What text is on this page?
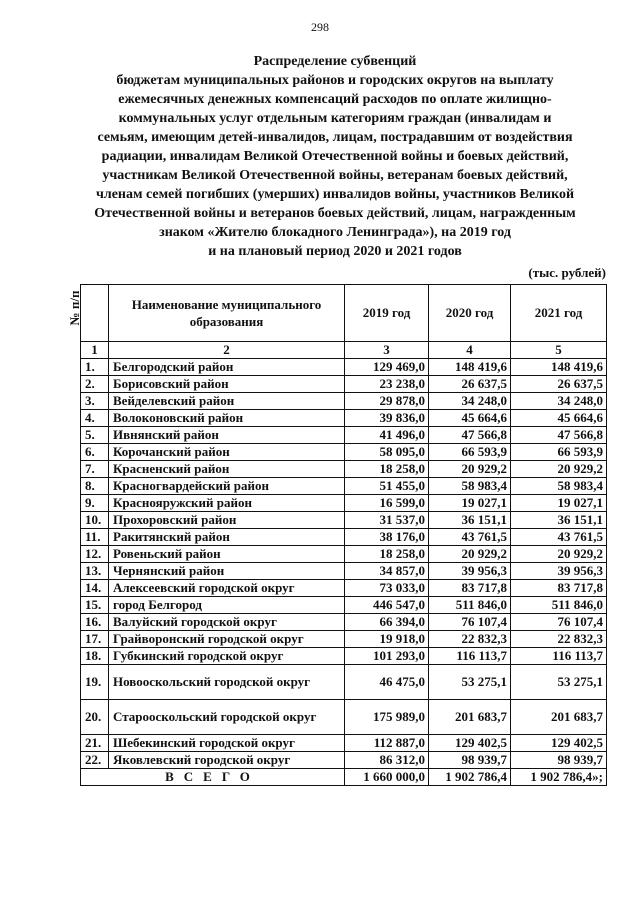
298
Распределение субвенций
бюджетам муниципальных районов и городских округов на выплату
ежемесячных денежных компенсаций расходов по оплате жилищно-
коммунальных услуг отдельным категориям граждан (инвалидам и
семьям, имеющим детей-инвалидов, лицам, пострадавшим от воздействия
радиации, инвалидам Великой Отечественной войны и боевых действий,
участникам Великой Отечественной войны, ветеранам боевых действий,
членам семей погибших (умерших) инвалидов войны, участников Великой
Отечественной войны и ветеранов боевых действий, лицам, награжденным
знаком «Жителю блокадного Ленинграда»), на 2019 год
и на плановый период 2020 и 2021 годов
(тыс. рублей)
№ п/п	Наименование муниципального образования	2019 год	2020 год	2021 год
1	2	3	4	5
1.	Белгородский район	129 469,0	148 419,6	148 419,6
2.	Борисовский район	23 238,0	26 637,5	26 637,5
3.	Вейделевский район	29 878,0	34 248,0	34 248,0
4.	Волоконовский район	39 836,0	45 664,6	45 664,6
5.	Ивнянский район	41 496,0	47 566,8	47 566,8
6.	Корочанский район	58 095,0	66 593,9	66 593,9
7.	Красненский район	18 258,0	20 929,2	20 929,2
8.	Красногвардейский район	51 455,0	58 983,4	58 983,4
9.	Краснояружский район	16 599,0	19 027,1	19 027,1
10.	Прохоровский район	31 537,0	36 151,1	36 151,1
11.	Ракитянский район	38 176,0	43 761,5	43 761,5
12.	Ровеньский район	18 258,0	20 929,2	20 929,2
13.	Чернянский район	34 857,0	39 956,3	39 956,3
14.	Алексеевский городской округ	73 033,0	83 717,8	83 717,8
15.	город Белгород	446 547,0	511 846,0	511 846,0
16.	Валуйский городской округ	66 394,0	76 107,4	76 107,4
17.	Грайворонский городской округ	19 918,0	22 832,3	22 832,3
18.	Губкинский городской округ	101 293,0	116 113,7	116 113,7
19.	Новооскольский городской округ	46 475,0	53 275,1	53 275,1
20.	Старооскольский городской округ	175 989,0	201 683,7	201 683,7
21.	Шебекинский городской округ	112 887,0	129 402,5	129 402,5
22.	Яковлевский городской округ	86 312,0	98 939,7	98 939,7
ВСЕГО		1 660 000,0	1 902 786,4	1 902 786,4»;
